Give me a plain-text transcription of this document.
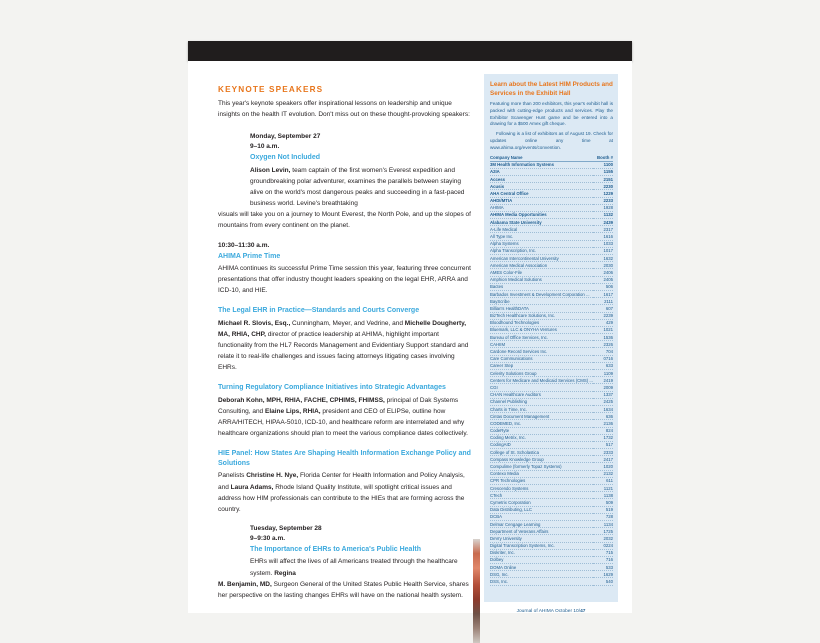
KEYNOTE SPEAKERS

This year's keynote speakers offer inspirational lessons on leadership and unique insights on the health IT evolution. Don't miss out on these thought-provoking speakers:

Monday, September 27
9–10 a.m.
Oxygen Not Included

Alison Levin, team captain of the first women's Everest expedition and groundbreaking polar adventurer, examines the parallels between staying alive on the world's most dangerous peaks and succeeding in a fast-paced business world. Levine's breathtaking

visuals will take you on a journey to Mount Everest, the North Pole, and up the slopes of mountains from every continent on the planet.

10:30–11:30 a.m.
AHIMA Prime Time

AHIMA continues its successful Prime Time session this year, featuring three concurrent presentations that offer industry thought leaders speaking on the legal EHR, ARRA and ICD-10, and HIE.

The Legal EHR in Practice—Standards and Courts Converge

Michael R. Slovis, Esq., Cunningham, Meyer, and Vedrine, and Michelle Dougherty, MA, RHIA, CHP, director of practice leadership at AHIMA, highlight important functionality from the HL7 Records Management and Evidentiary Support standard and relate it to real-life challenges and issues facing attorneys litigating cases involving EHRs.

Turning Regulatory Compliance Initiatives into Strategic Advantages

Deborah Kohn, MPH, RHIA, FACHE, CPHIMS, FHIMSS, principal of Dak Systems Consulting, and Elaine Lips, RHIA, president and CEO of ELIPSe, outline how ARRA/HITECH, HIPAA-5010, ICD-10, and healthcare reform are interrelated and why healthcare organizations should plan to meet the various compliance dates collectively.

HIE Panel: How States Are Shaping Health Information Exchange Policy and Solutions

Panelists Christine H. Nye, Florida Center for Health Information and Policy Analysis, and Laura Adams, Rhode Island Quality Institute, will spotlight critical issues and address how HIM professionals can contribute to the HIEs that are forming across the country.

Tuesday, September 28
9–9:30 a.m.
The Importance of EHRs to America's Public Health

EHRs will affect the lives of all Americans treated through the healthcare system. Regina

M. Benjamin, MD, Surgeon General of the United States Public Health Service, shares her perspective on the lasting changes EHRs will have on the national health system.

Learn about the Latest HIM Products and Services in the Exhibit Hall

Featuring more than 200 exhibitors, this year's exhibit hall is packed with cutting-edge products and services. Play the Exhibitor Scavenger Hunt game and be entered into a drawing for a $500 Amex gift cheque.

Following is a list of exhibitors as of August 19. Check for updates online any time at www.ahima.org/events/convention.

Company Name	Booth #
3M Health Information Systems	1100
A2IA	1155
Access	2151
Acusis	2230
AHA Central Office	1229
AHDI/MTIA	2233
AHIMA	1928
AHIMA Media Opportunities	1132
Alabama State University	2439
A-Life Medical	2317
All Type Inc.	1616
Alpha Systems	1033
Alpha Transcription, Inc.	1017
American Intercontinental University	1632
American Medical Association	2030
AMES Color-File	2406
Amphion Medical Solutions	2405
Bactes	506
Barbados Investment & Development Corporation ...	1617
BayScribe	2111
Billian's HealthDATA	607
BizTech Healthcare Solutions, Inc.	2239
Bloodhound Technologies	429
Bluemark, LLC & ONYHA Ventures	1021
Bureau of Office Services, Inc.	1536
CAHIIM	2326
Cardone Record Services Inc.	704
Care Communications	0716
Career Step	633
Celerity Solutions Group	1109
Centers for Medicare and Medicaid Services (CMS) ...	2419
CGI	2009
CHAN Healthcare Auditors	1337
Channel Publishing	2425
Charts in Time, Inc.	1634
Cintas Document Management	636
CODEMED, Inc.	2136
CodeRyte	824
Coding Metrix, Inc.	1732
CodingAID	517
College of St. Scholastica	2333
Compass Knowledge Group	2417
Compulime (formerly Topaz Systems)	1020
Contexo Media	2132
CPR Technologies	611
Crescendo Systems	1121
CTech	1138
Cymetrix Corporation	509
Data Distributing, LLC	519
DCBA	728
Delmar Cengage Learning	1134
Department of Veterans Affairs	1725
DeVry University	2032
Digital Transcription Systems, Inc.	0224
Diskriter, Inc.	715
Dolbey	716
DOMA Online	533
DSG, Inc.	1629
DSS, Inc.	540
Journal of AHIMA October 10/47
